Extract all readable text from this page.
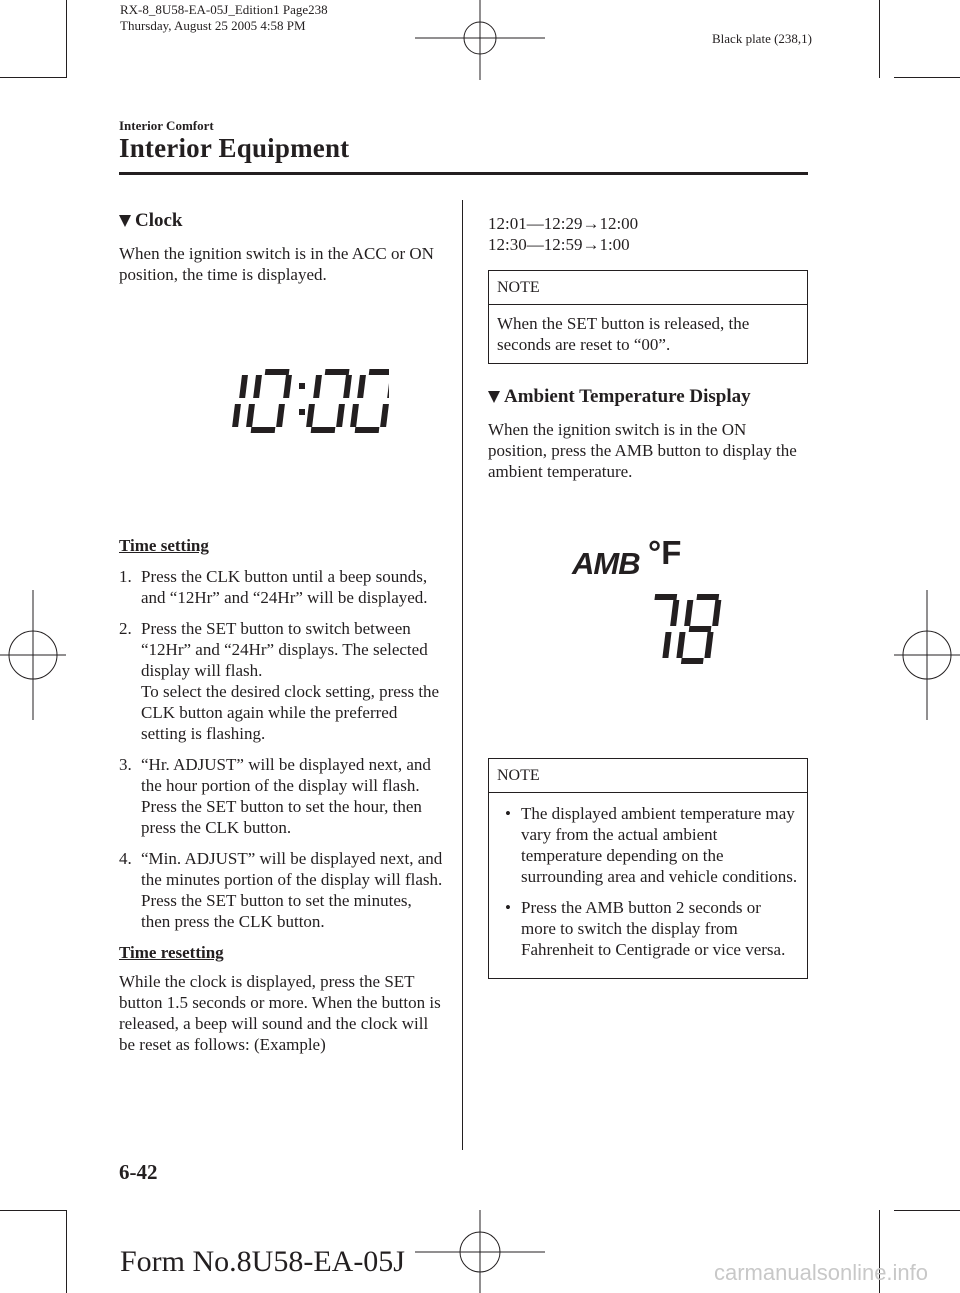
RX-8_8U58-EA-05J_Edition1 Page238
Thursday, August 25 2005 4:58 PM
Black plate (238,1)
Interior Comfort
Interior Equipment
Clock

When the ignition switch is in the ACC or ON position, the time is displayed.

Time setting

1. Press the CLK button until a beep sounds, and “12Hr” and “24Hr” will be displayed.
2. Press the SET button to switch between “12Hr” and “24Hr” displays. The selected display will flash.
To select the desired clock setting, press the CLK button again while the preferred setting is flashing.
3. “Hr. ADJUST” will be displayed next, and the hour portion of the display will flash. Press the SET button to set the hour, then press the CLK button.
4. “Min. ADJUST” will be displayed next, and the minutes portion of the display will flash. Press the SET button to set the minutes, then press the CLK button.

Time resetting

While the clock is displayed, press the SET button 1.5 seconds or more. When the button is released, a beep will sound and the clock will be reset as follows: (Example)

12:01―12:29→12:00
12:30―12:59→1:00
NOTE
When the SET button is released, the seconds are reset to “00”.
Ambient Temperature Display

When the ignition switch is in the ON position, press the AMB button to display the ambient temperature.

AMB °F
NOTE
• The displayed ambient temperature may vary from the actual ambient temperature depending on the surrounding area and vehicle conditions.
• Press the AMB button 2 seconds or more to switch the display from Fahrenheit to Centigrade or vice versa.
6-42
Form No.8U58-EA-05J	carmanualsonline.info
